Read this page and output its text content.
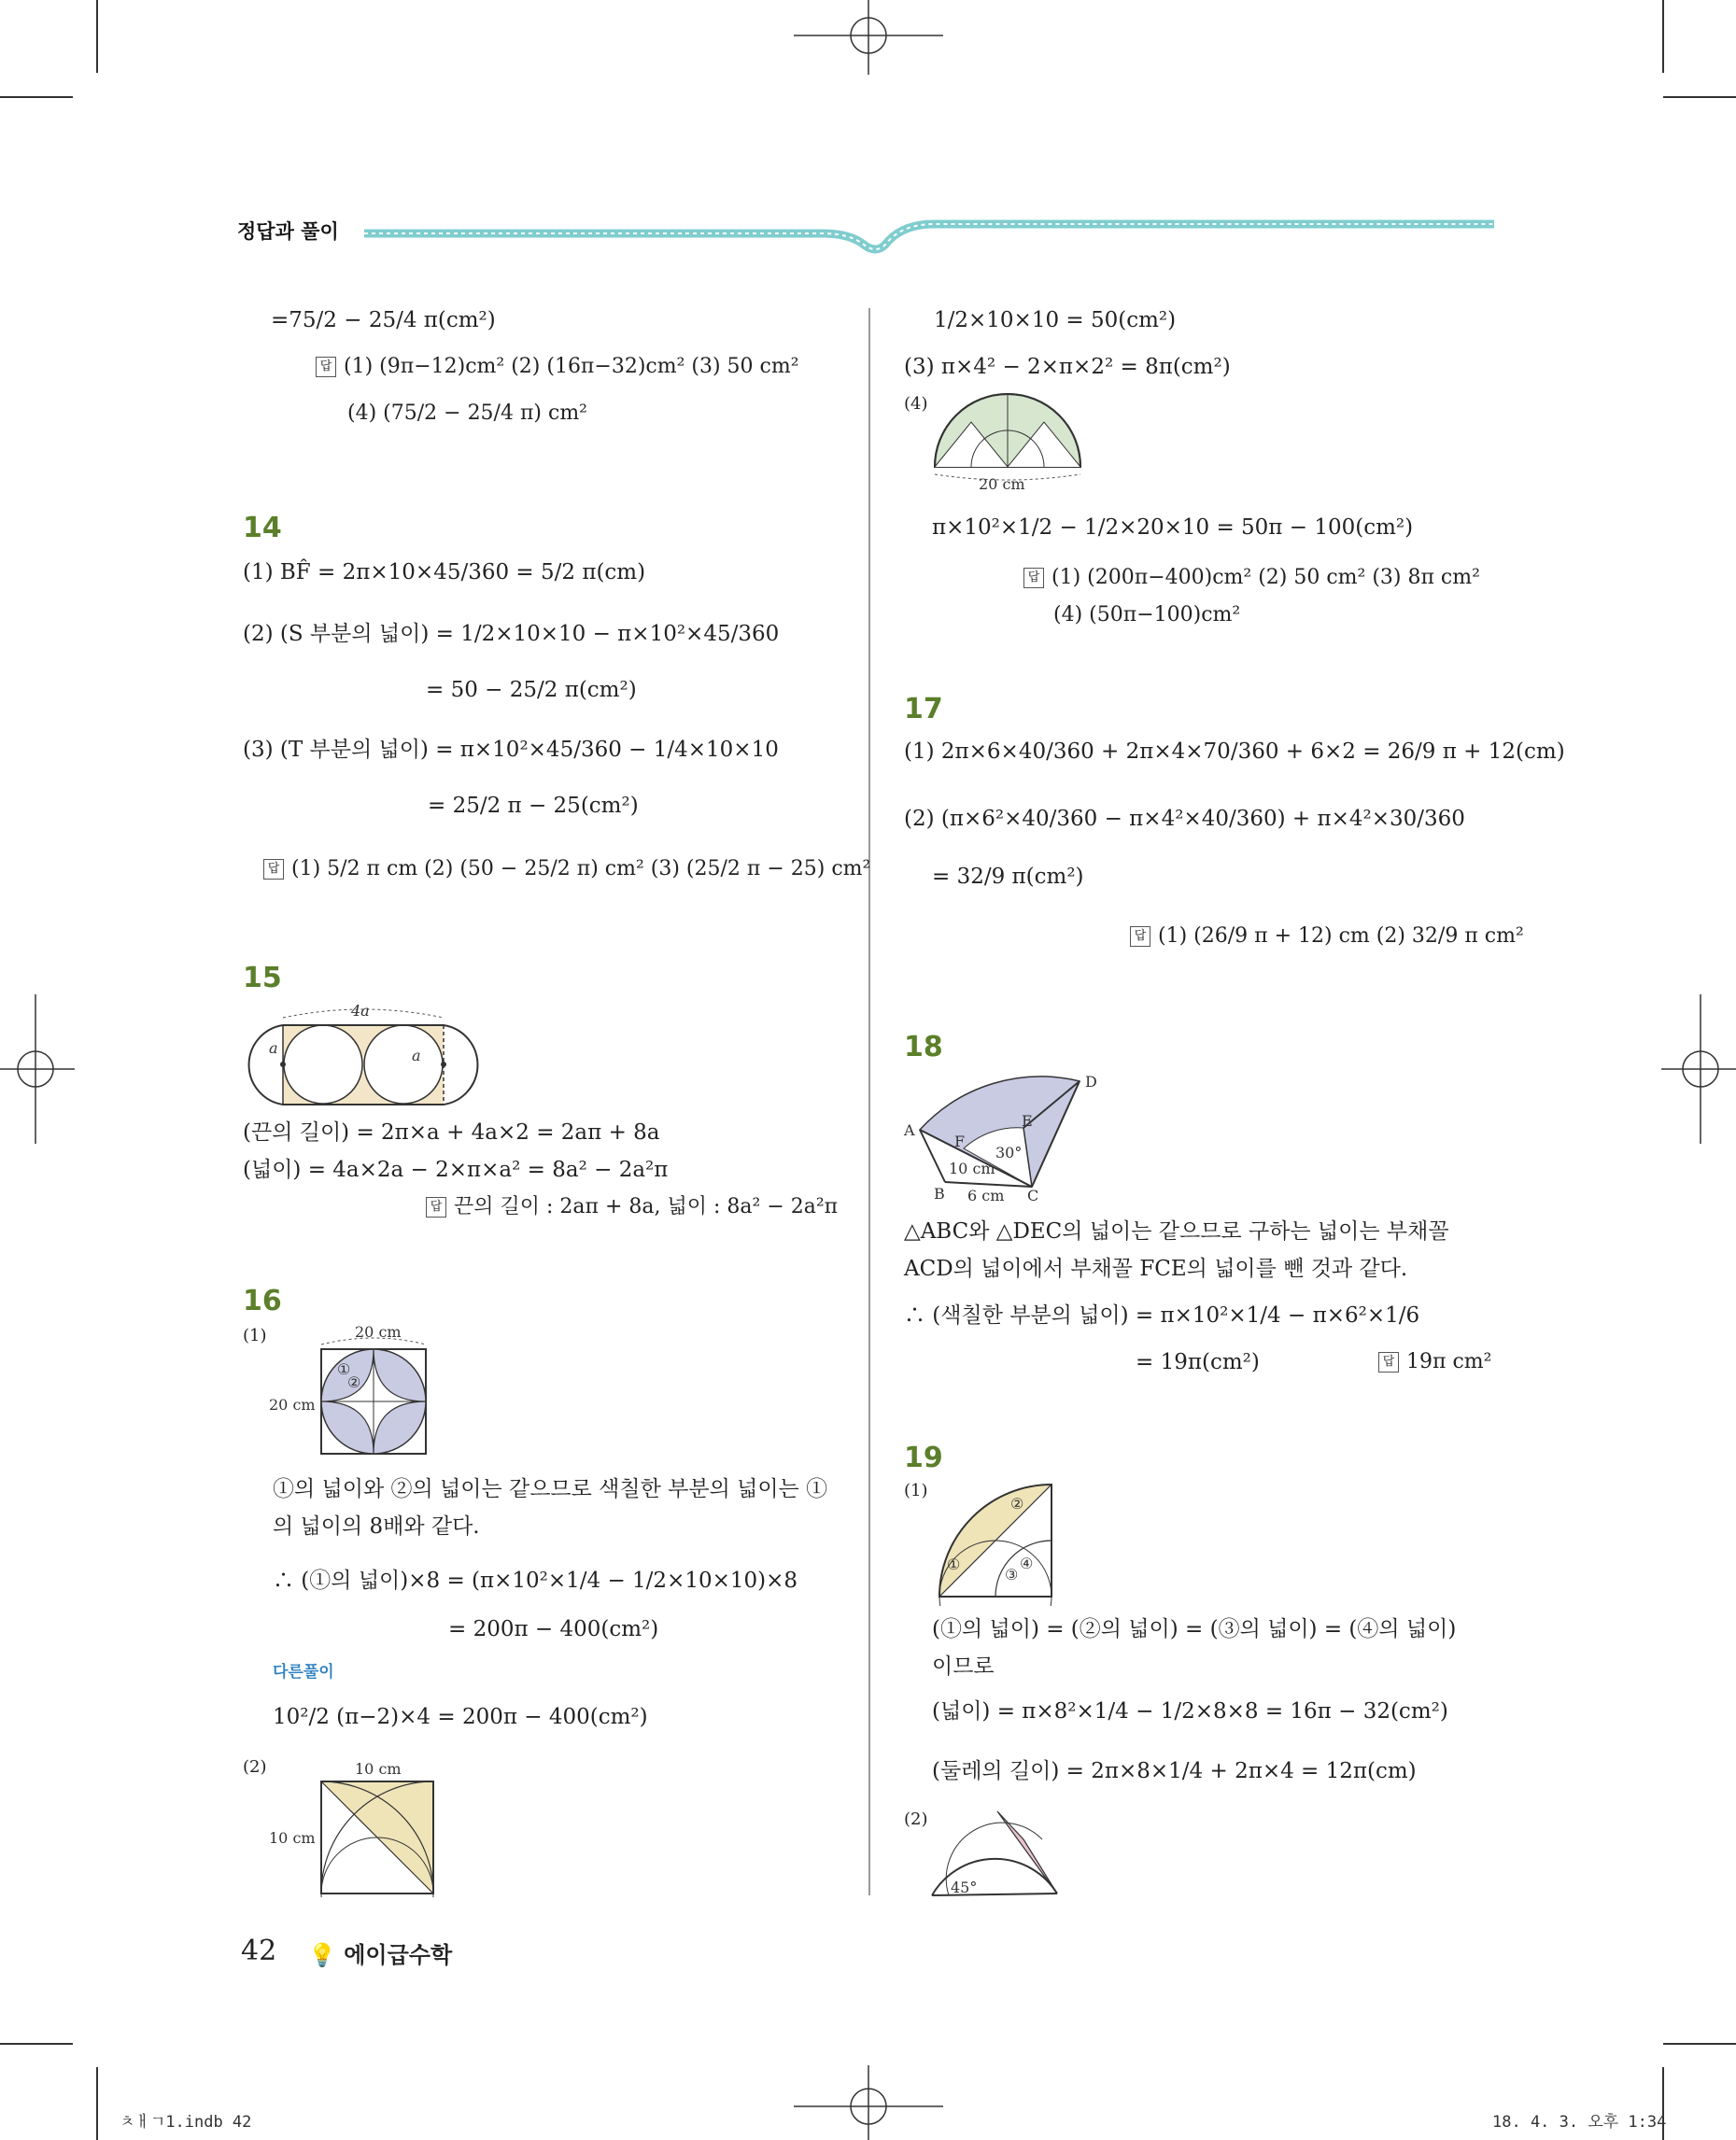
정답과 풀이
=75/2 − 25/4 π(cm²)
답 (1) (9π−12)cm² (2) (16π−32)cm² (3) 50 cm²
(4) (75/2 − 25/4 π) cm²
14
(1) BF̂ = 2π×10×45/360 = 5/2 π(cm)
(2) (S 부분의 넓이) = 1/2×10×10 − π×10²×45/360
= 50 − 25/2 π(cm²)
(3) (T 부분의 넓이) = π×10²×45/360 − 1/4×10×10
= 25/2 π − 25(cm²)
답 (1) 5/2 π cm (2) (50 − 25/2 π) cm² (3) (25/2 π − 25) cm²
15
4a
a	a
(끈의 길이) = 2π×a + 4a×2 = 2aπ + 8a
(넓이) = 4a×2a − 2×π×a² = 8a² − 2a²π
답 끈의 길이 : 2aπ + 8a, 넓이 : 8a² − 2a²π
16
(1)	20 cm
20 cm
①
②
①의 넓이와 ②의 넓이는 같으므로 색칠한 부분의 넓이는 ①
의 넓이의 8배와 같다.
∴ (①의 넓이)×8 = (π×10²×1/4 − 1/2×10×10)×8
= 200π − 400(cm²)
다른풀이
10²/2 (π−2)×4 = 200π − 400(cm²)
(2)	10 cm
10 cm
1/2×10×10 = 50(cm²)
(3) π×4² − 2×π×2² = 8π(cm²)
(4)
20 cm
π×10²×1/2 − 1/2×20×10 = 50π − 100(cm²)
답 (1) (200π−400)cm² (2) 50 cm² (3) 8π cm²
(4) (50π−100)cm²
17
(1) 2π×6×40/360 + 2π×4×70/360 + 6×2 = 26/9 π + 12(cm)
(2) (π×6²×40/360 − π×4²×40/360) + π×4²×30/360
= 32/9 π(cm²)
답 (1) (26/9 π + 12) cm (2) 32/9 π cm²
18
A
B	C
D
E
F
30°
10 cm
6 cm
△ABC와 △DEC의 넓이는 같으므로 구하는 넓이는 부채꼴
ACD의 넓이에서 부채꼴 FCE의 넓이를 뺀 것과 같다.
∴ (색칠한 부분의 넓이) = π×10²×1/4 − π×6²×1/6
= 19π(cm²)	답 19π cm²
19
(1)
②
①
③
④
(①의 넓이) = (②의 넓이) = (③의 넓이) = (④의 넓이)
이므로
(넓이) = π×8²×1/4 − 1/2×8×8 = 16π − 32(cm²)
(둘레의 길이) = 2π×8×1/4 + 2π×4 = 12π(cm)
(2)
45°
42 💡 에이급수학
ㅊㅐㄱ1.indb 42	18. 4. 3. 오후 1:34
